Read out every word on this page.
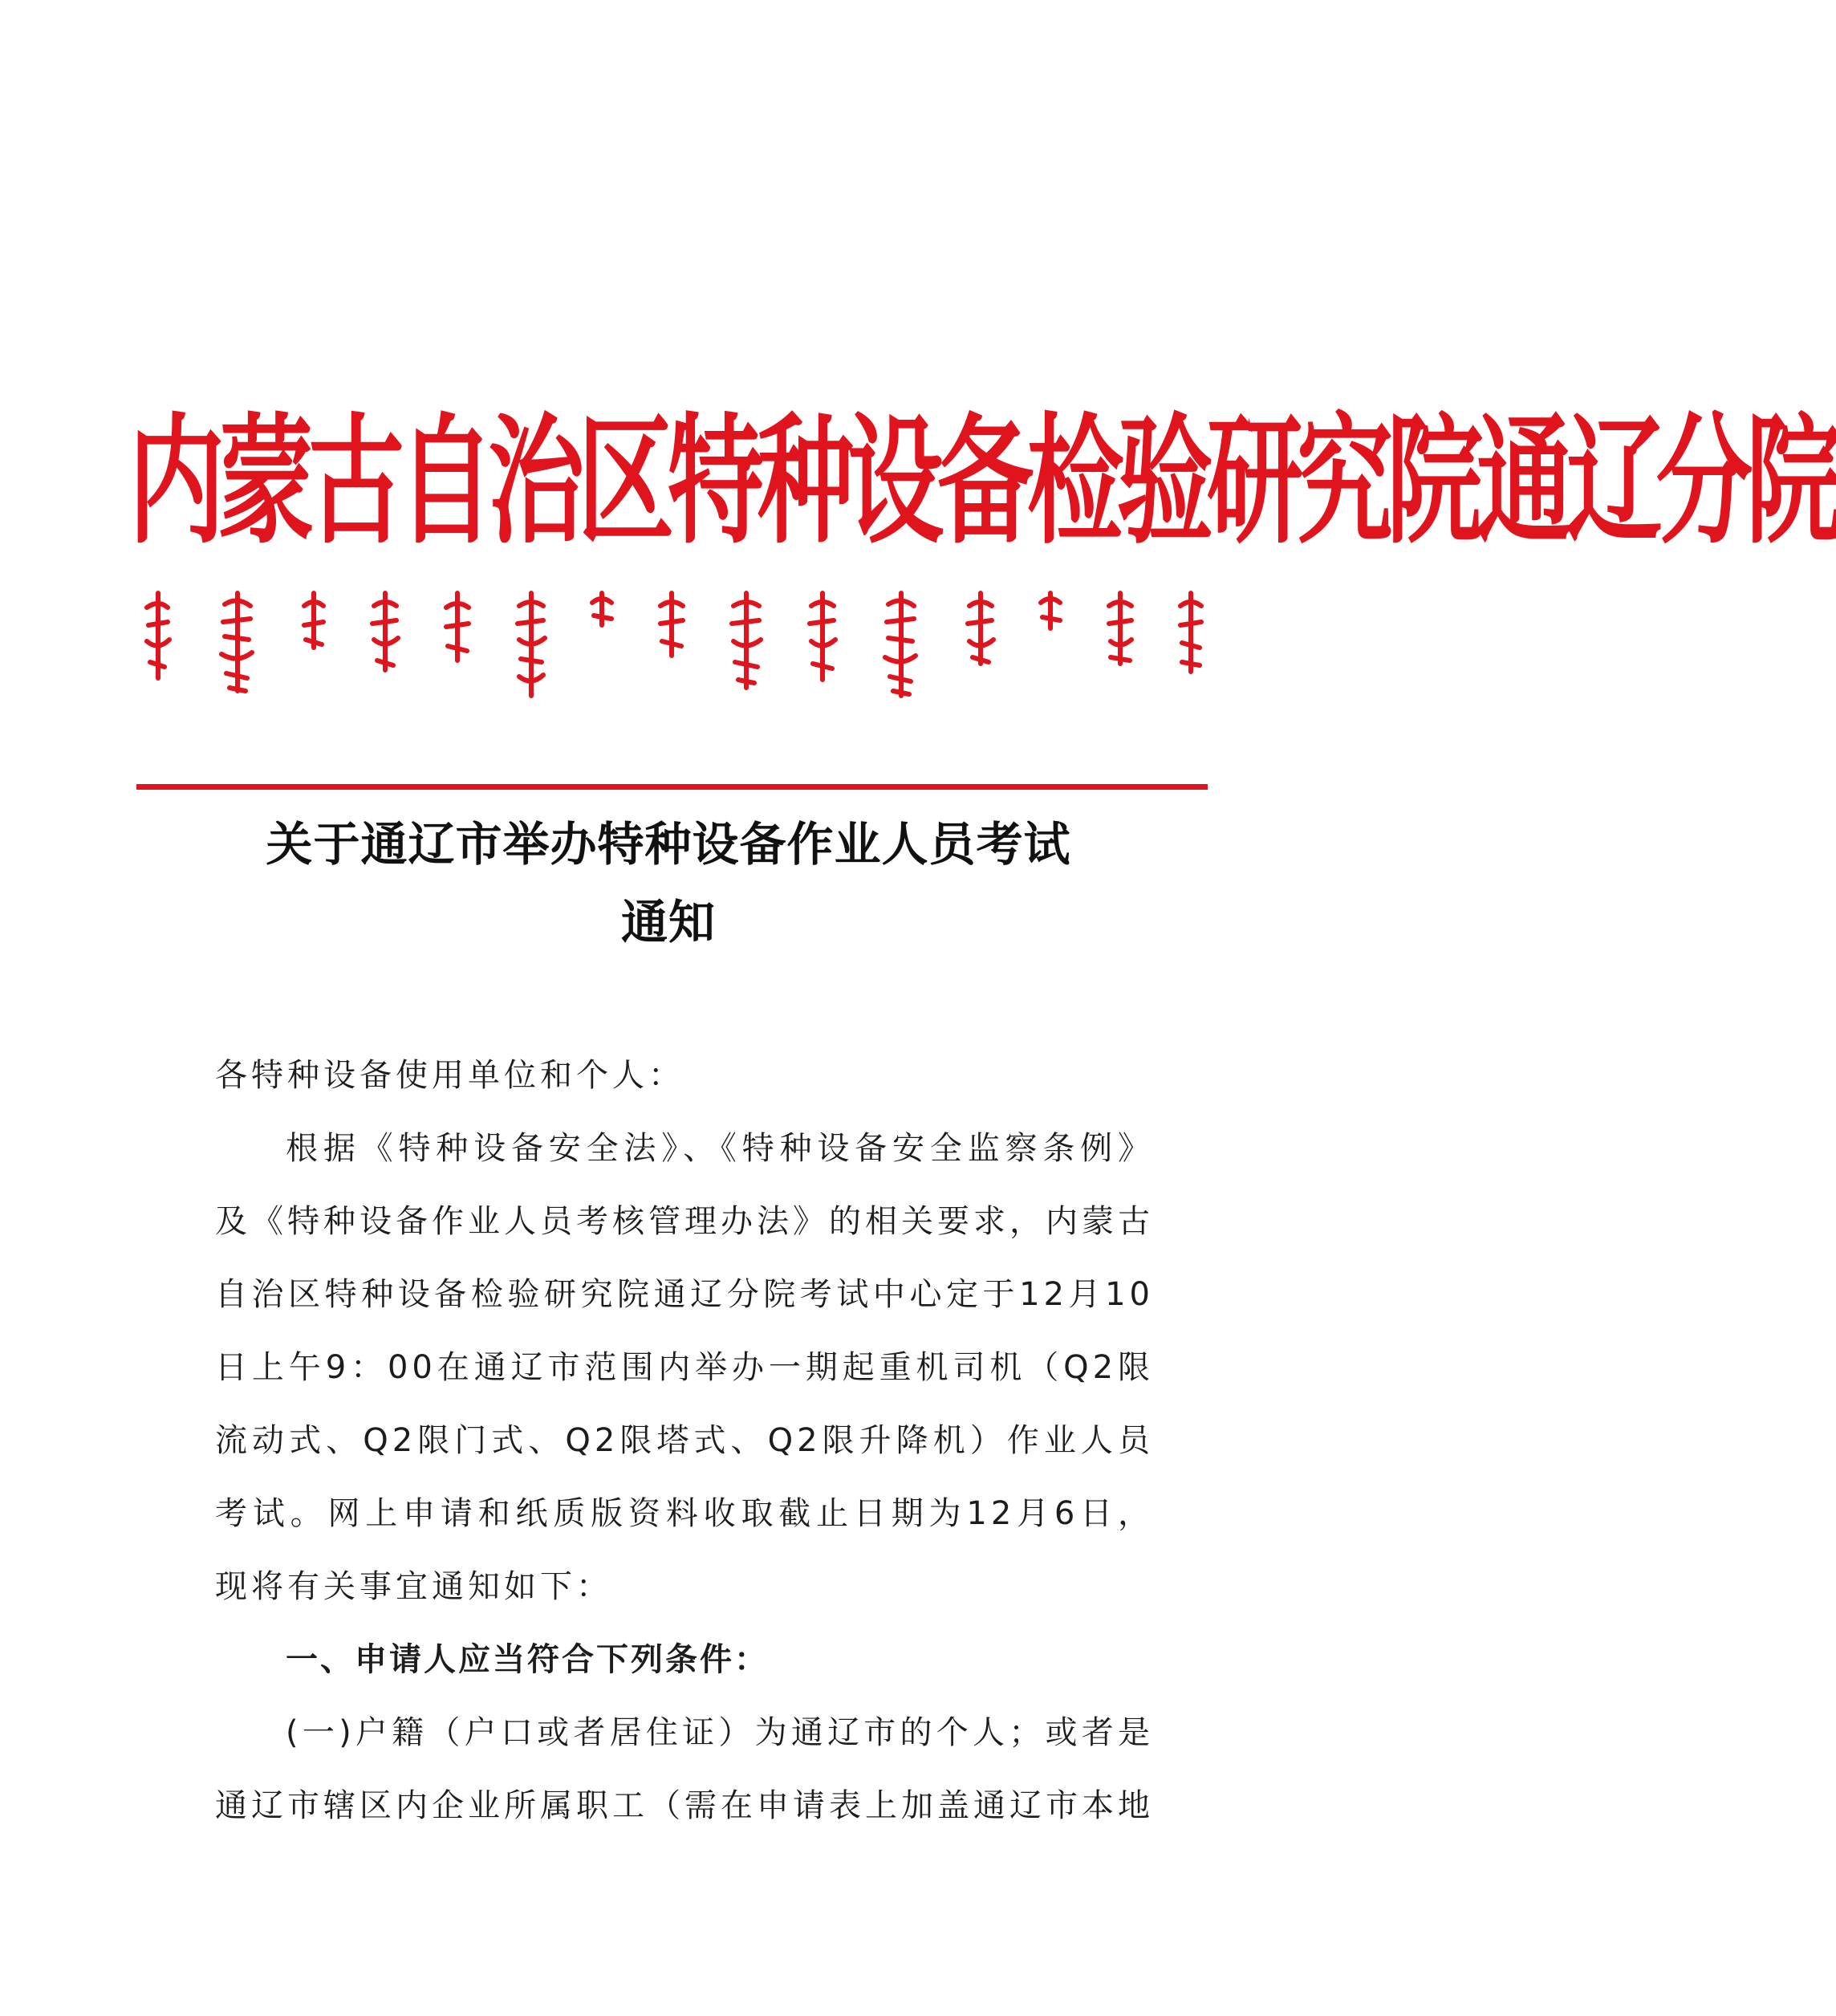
内蒙古自治区特种设备检验研究院通辽分院
关于通辽市举办特种设备作业人员考试
通知

各特种设备使用单位和个人：

根据《特种设备安全法》、《特种设备安全监察条例》及《特种设备作业人员考核管理办法》的相关要求，内蒙古自治区特种设备检验研究院通辽分院考试中心定于12月10日上午9：00在通辽市范围内举办一期起重机司机（Q2限流动式、Q2限门式、Q2限塔式、Q2限升降机）作业人员考试。网上申请和纸质版资料收取截止日期为12月6日，现将有关事宜通知如下：

一、申请人应当符合下列条件：

(一)户籍（户口或者居住证）为通辽市的个人；或者是通辽市辖区内企业所属职工（需在申请表上加盖通辽市本地
